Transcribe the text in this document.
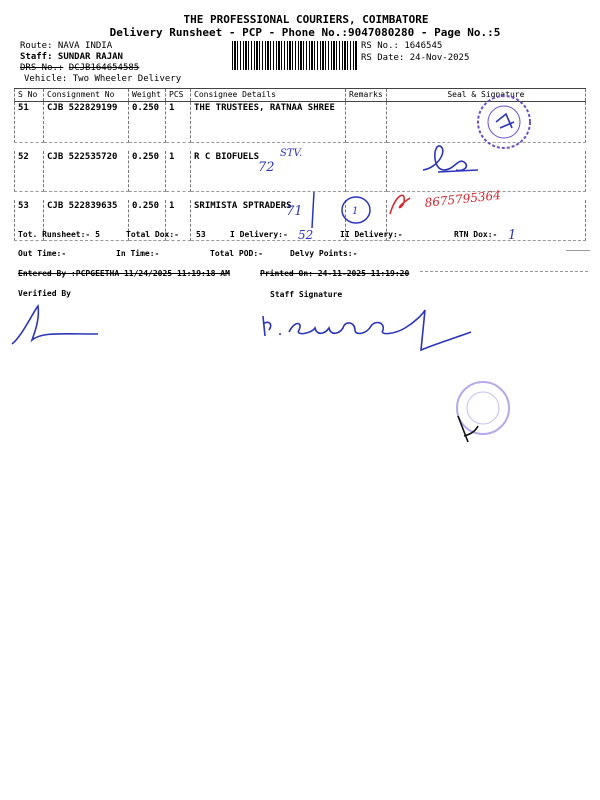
THE PROFESSIONAL COURIERS, COIMBATORE
Delivery Runsheet - PCP - Phone No.:9047080280 - Page No.:5
Route: NAVA INDIA
Staff: SUNDAR RAJAN
DRS No.: DCJB164654585
Vehicle: Two Wheeler Delivery
RS No.: 1646545
RS Date: 24-Nov-2025
S No	Consignment No	Weight	PCS	Consignee Details	Remarks	Seal & Signature
51	CJB 522829199	0.250	1	THE TRUSTEES, RATNAA SHREE		

52	CJB 522535720	0.250	1	R C BIOFUELS		

53	CJB 522839635	0.250	1	SRIMISTA SPTRADERS		
STV.
72
71	1
8675795364
Tot. Runsheet:- 5	Total Dox:- 53	I Delivery:- 52	II Delivery:-	RTN Dox:- 1
Out Time:-	In Time:-	Total POD:-	Delvy Points:-
Entered By :PCPGEETHA 11/24/2025 11:19:18 AM	Printed On: 24-11-2025 11:19:20
Verified By	Staff Signature
